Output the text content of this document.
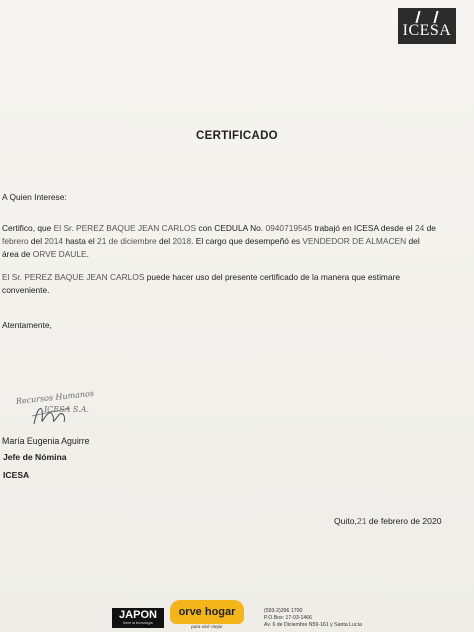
ICESA
CERTIFICADO
A Quien Interese:
Certifico, que El Sr. PEREZ BAQUE JEAN CARLOS con CEDULA No. 0940719545 trabajó en ICESA desde el 24 de
febrero del 2014 hasta el 21 de diciembre del 2018. El cargo que desempeñó es VENDEDOR DE ALMACEN del
área de ORVE DAULE.
El Sr. PEREZ BAQUE JEAN CARLOS puede hacer uso del presente certificado de la manera que estimare
conveniente.
Atentamente,
Recursos Humanos
ICESA S.A.
María Eugenia Aguirre
Jefe de Nómina
ICESA
Quito,21 de febrero de 2020
JAPON
tiene la tecnología
orve hogar
para vivir mejor
(593-2)396 1700
P.O.Box: 17-03-1466
Av. 6 de Diciembre N59-161 y Santa Lucía
